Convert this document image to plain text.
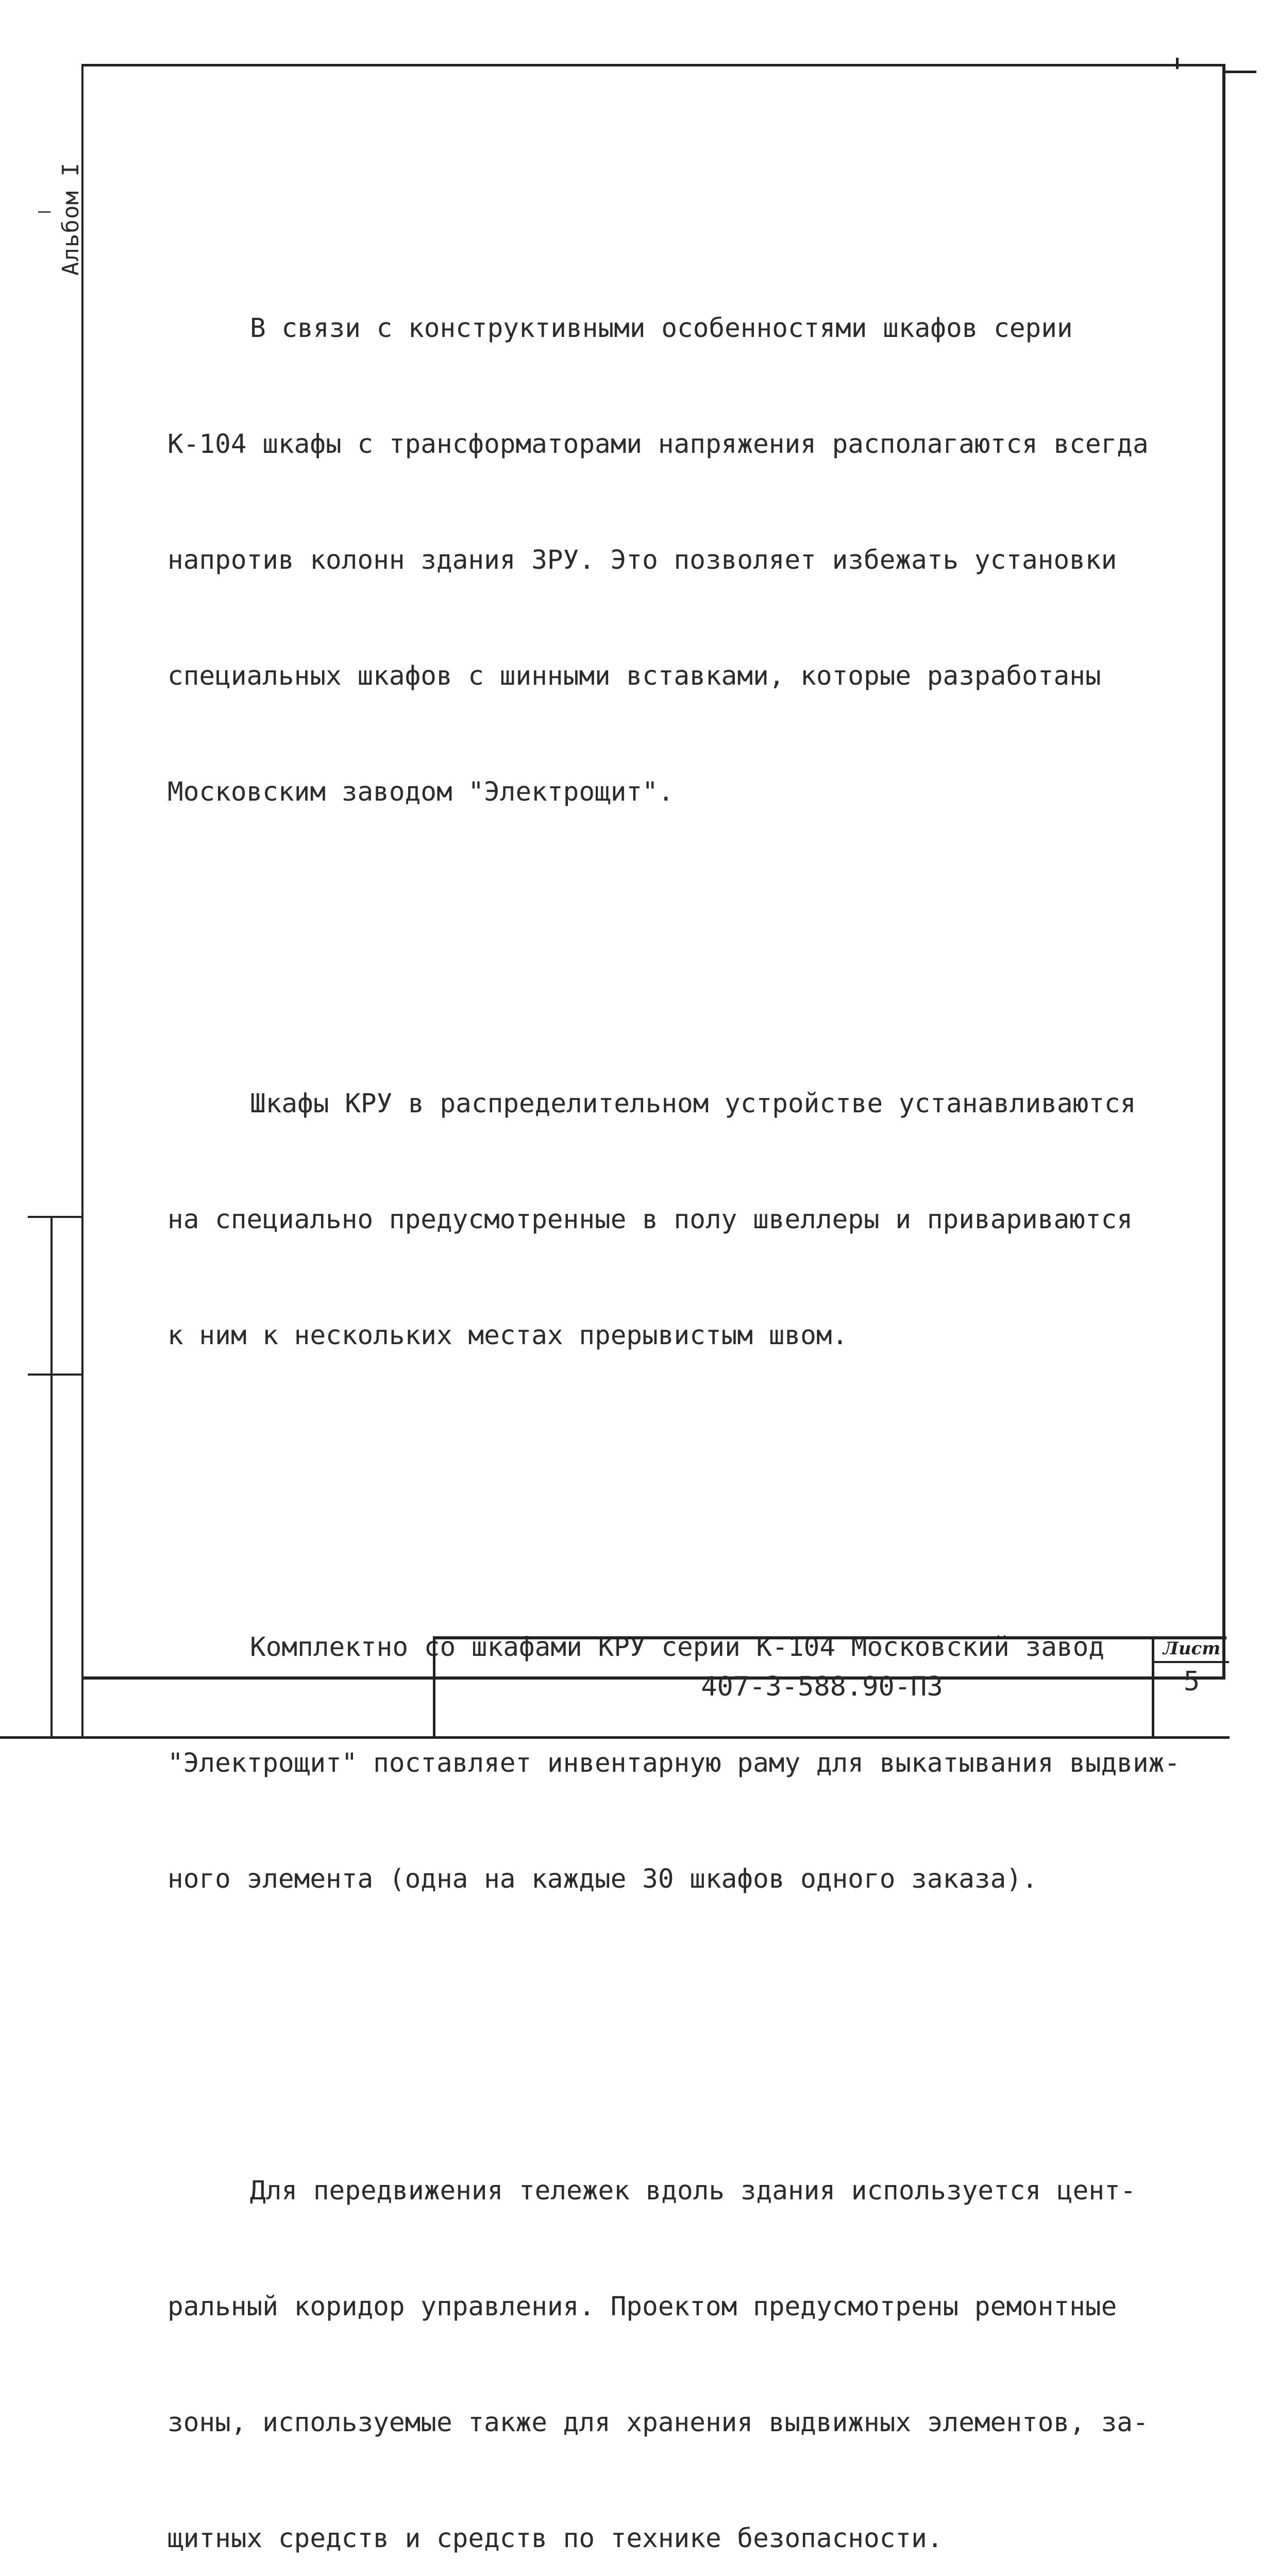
Альбом I

В связи с конструктивными особенностями шкафов серии

К-104 шкафы с трансформаторами напряжения располагаются всегда

напротив колонн здания ЗРУ. Это позволяет избежать установки

специальных шкафов с шинными вставками, которые разработаны

Московским заводом "Электрощит".

Шкафы КРУ в распределительном устройстве устанавливаются

на специально предусмотренные в полу швеллеры и привариваются

к ним к нескольких местах прерывистым швом.

Комплектно со шкафами КРУ серии К-104 Московский завод

"Электрощит" поставляет инвентарную раму для выкатывания выдвиж-

ного элемента (одна на каждые 30 шкафов одного заказа).

Для передвижения тележек вдоль здания используется цент-

ральный коридор управления. Проектом предусмотрены ремонтные

зоны, используемые также для хранения выдвижных элементов, за-

щитных средств и средств по технике безопасности.

407-3-588.90-ПЗ
Лист
5
